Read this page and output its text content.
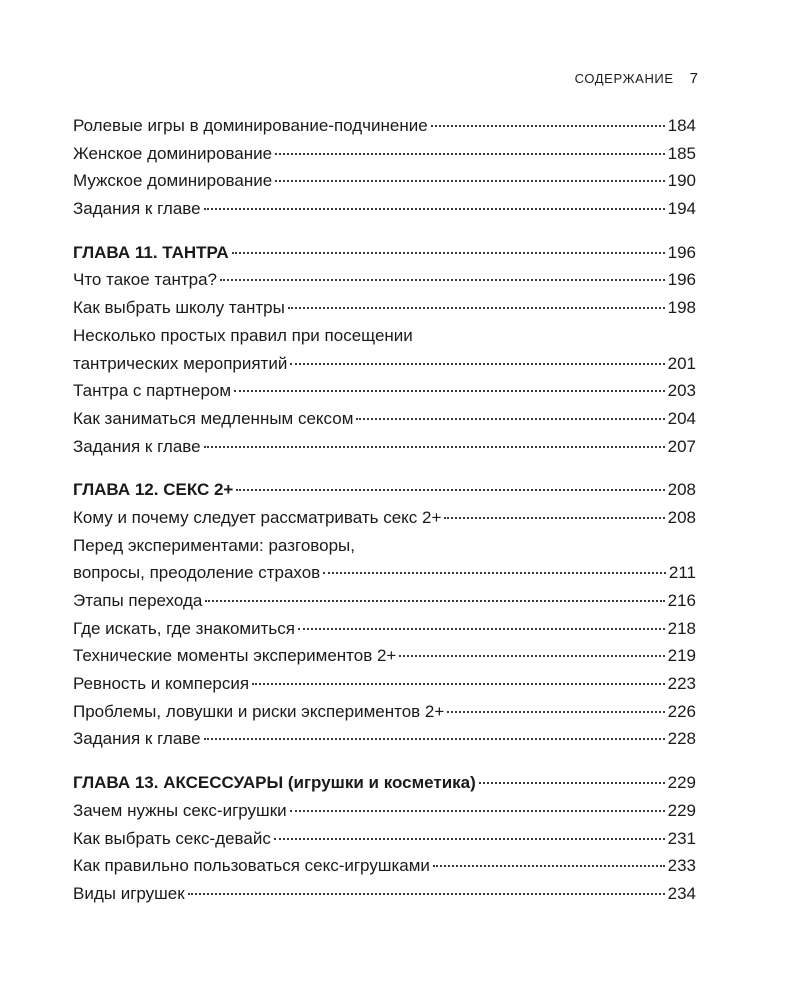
СОДЕРЖАНИЕ 7
Ролевые игры в доминирование-подчинение	184
Женское доминирование	185
Мужское доминирование	190
Задания к главе	194
ГЛАВА 11. ТАНТРА	196
Что такое тантра?	196
Как выбрать школу тантры	198
Несколько простых правил при посещении
тантрических мероприятий	201
Тантра с партнером	203
Как заниматься медленным сексом	204
Задания к главе	207
ГЛАВА 12. СЕКС 2+	208
Кому и почему следует рассматривать секс 2+	208
Перед экспериментами: разговоры,
вопросы, преодоление страхов	211
Этапы перехода	216
Где искать, где знакомиться	218
Технические моменты экспериментов 2+	219
Ревность и комперсия	223
Проблемы, ловушки и риски экспериментов 2+	226
Задания к главе	228
ГЛАВА 13. АКСЕССУАРЫ (игрушки и косметика)	229
Зачем нужны секс-игрушки	229
Как выбрать секс-девайс	231
Как правильно пользоваться секс-игрушками	233
Виды игрушек	234
